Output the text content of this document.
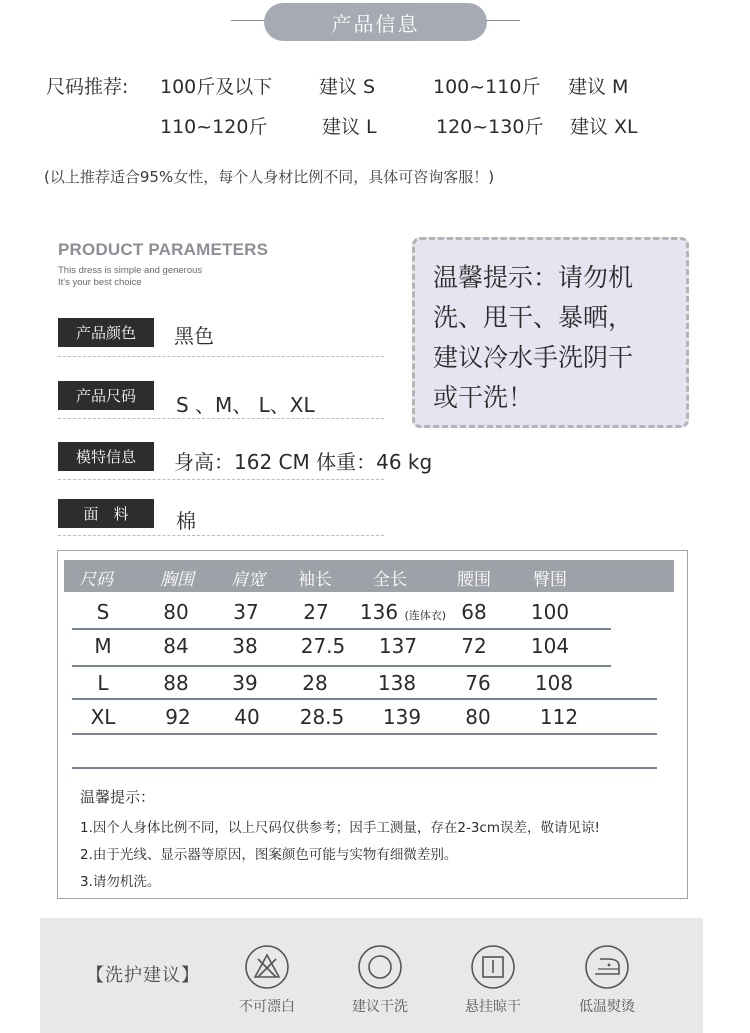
产品信息
尺码推荐: 100斤及以下 建议 S	100~110斤 建议 M
110~120斤	建议 L	120~130斤 建议 XL
(以上推荐适合95%女性，每个人身材比例不同，具体可咨询客服！)
PRODUCT PARAMETERS
This dress is simple and generous
It's your best choice
产品颜色	黑色
产品尺码	S 、M、 L、XL
模特信息	身高：162 CM 体重：46 kg
面　料	棉
温馨提示：请勿机
洗、甩干、暴晒，
建议冷水手洗阴干
或干洗！
尺码	胸围 肩宽 袖长 全长	腰围 臀围
S	80 37 27 136 (连体衣) 68 100
M	84 38 27.5 137 72 104
L	88 39 28	138 76 108
XL 92 40 28.5 139 80 112
温馨提示：
1.因个人身体比例不同，以上尺码仅供参考；因手工测量，存在2-3cm误差，敬请见谅!
2.由于光线、显示器等原因，图案颜色可能与实物有细微差别。
3.请勿机洗。
【洗护建议】
不可漂白	建议干洗	悬挂晾干	低温熨烫
